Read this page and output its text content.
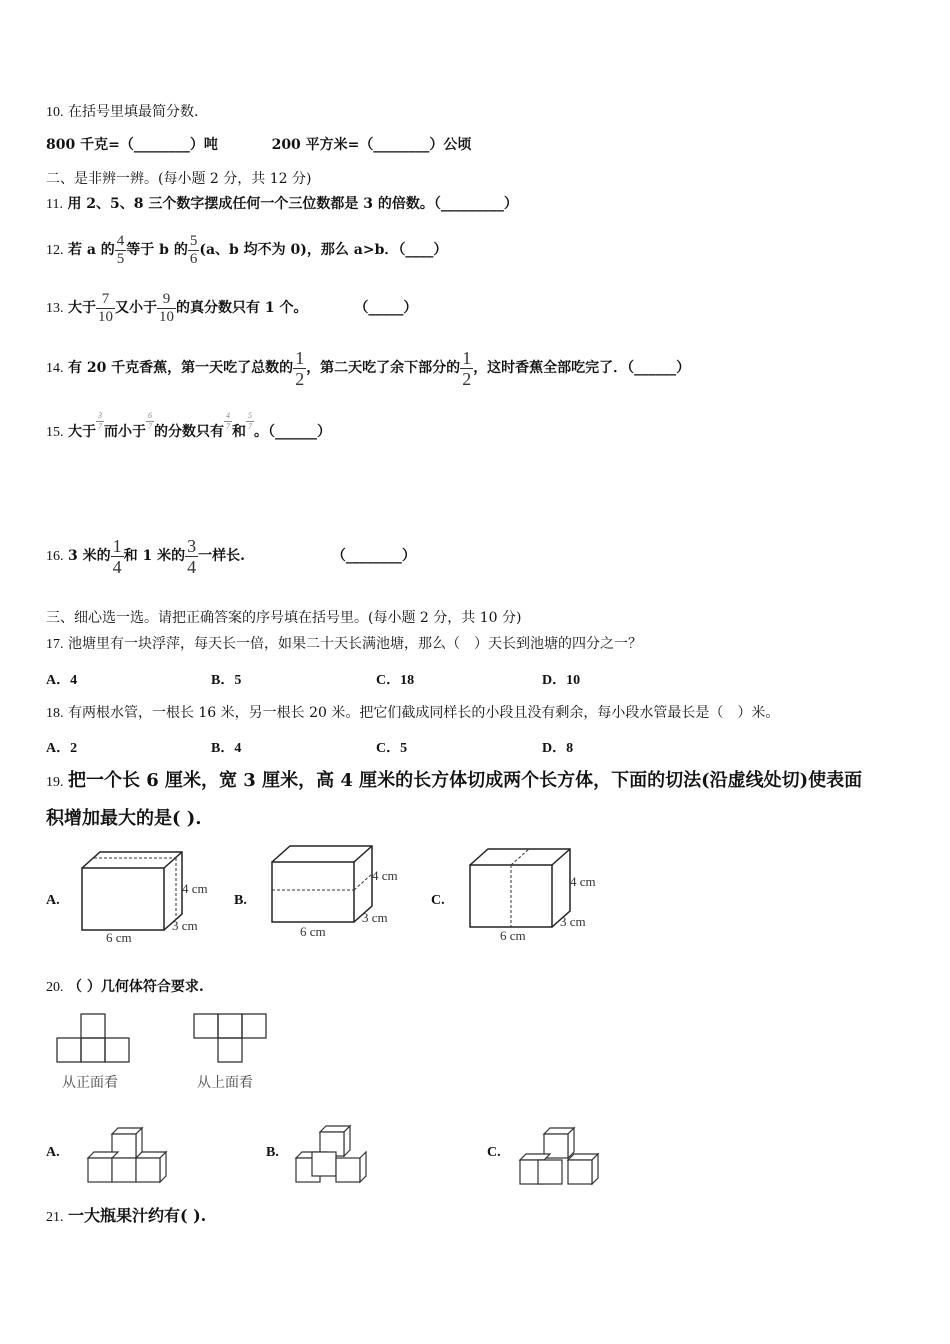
10. 在括号里填最简分数.
800 千克=（________）吨	200 平方米=（________）公顷
二、是非辨一辨。(每小题 2 分，共 12 分)
11. 用 2、5、8 三个数字摆成任何一个三位数都是 3 的倍数。（_________）
12. 若 a 的 $\frac{4}{5}$ 等于 b 的 $\frac{5}{6} (a$、b 均不为 0)，那么 a>b．（____）
13. 大于 $\frac{7}{10}$ 又小于 $\frac{9}{10}$ 的真分数只有 1 个。	（_____）
14. 有 20 千克香蕉，第一天吃了总数的 $\frac{1}{2}$ ，第二天吃了余下部分的 $\frac{1}{2}$ ，这时香蕉全部吃完了．（______）
15. 大于
$\frac{3}{7}$
而小于
$\frac{6}{7}$
的分数只有
$\frac{4}{7}$
和
$\frac{5}{7}$
。（______）
16. 3 米的 $\frac{1}{4}$ 和 1 米的 $\frac{3}{4}$ 一样长.	（________）
三、细心选一选。请把正确答案的序号填在括号里。(每小题 2 分，共 10 分)
17. 池塘里有一块浮萍，每天长一倍，如果二十天长满池塘，那么（　）天长到池塘的四分之一？
A．4	B．5	C．18	D．10
18. 有两根水管，一根长 16 米，另一根长 20 米。把它们截成同样长的小段且没有剩余，每小段水管最长是（　）米。
A．2	B．4	C．5	D．8
19. 把一个长 6 厘米，宽 3 厘米，高 4 厘米的长方体切成两个长方体，下面的切法(沿虚线处切)使表面
积增加最大的是( ).
A.
4 cm
3 cm
6 cm
B.
4 cm
3 cm
6 cm
C.
4 cm
3 cm
6 cm
20. （ ）几何体符合要求.
从正面看	从上面看
A.	B.	C.
21. 一大瓶果汁约有( ).
